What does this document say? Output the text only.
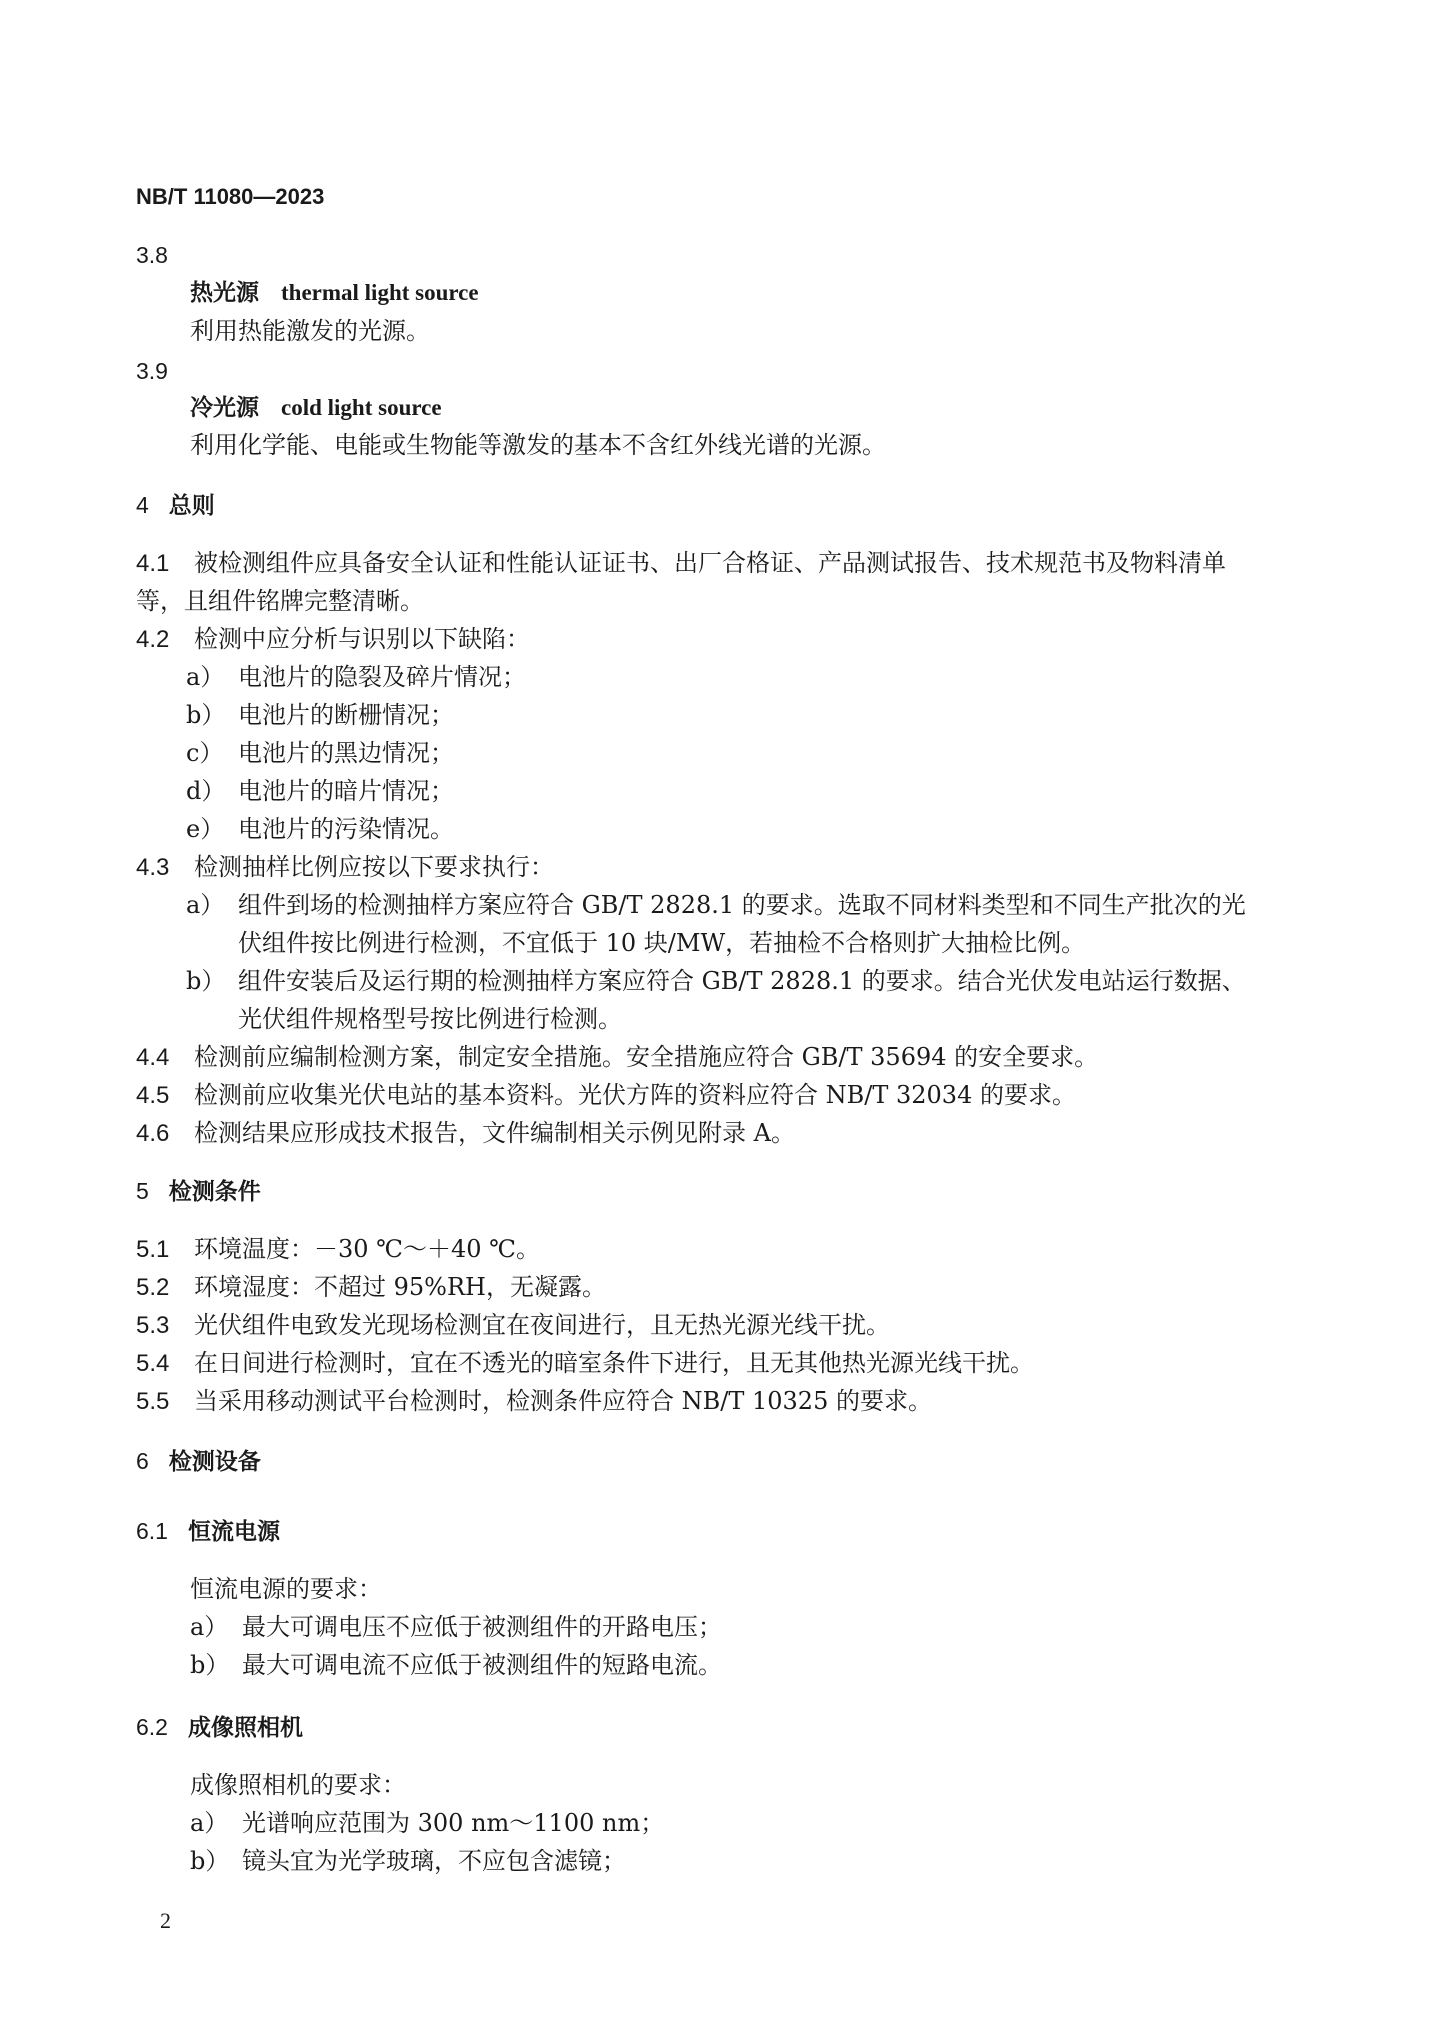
NB/T 11080—2023
3.8
热光源 thermal light source
利用热能激发的光源。
3.9
冷光源 cold light source
利用化学能、电能或生物能等激发的基本不含红外线光谱的光源。
4 总则
4.1 被检测组件应具备安全认证和性能认证证书、出厂合格证、产品测试报告、技术规范书及物料清单
等，且组件铭牌完整清晰。
4.2 检测中应分析与识别以下缺陷：
a） 电池片的隐裂及碎片情况；
b） 电池片的断栅情况；
c） 电池片的黑边情况；
d） 电池片的暗片情况；
e） 电池片的污染情况。
4.3 检测抽样比例应按以下要求执行：
a） 组件到场的检测抽样方案应符合 GB/T 2828.1 的要求。选取不同材料类型和不同生产批次的光
伏组件按比例进行检测，不宜低于 10 块/MW，若抽检不合格则扩大抽检比例。
b） 组件安装后及运行期的检测抽样方案应符合 GB/T 2828.1 的要求。结合光伏发电站运行数据、
光伏组件规格型号按比例进行检测。
4.4 检测前应编制检测方案，制定安全措施。安全措施应符合 GB/T 35694 的安全要求。
4.5 检测前应收集光伏电站的基本资料。光伏方阵的资料应符合 NB/T 32034 的要求。
4.6 检测结果应形成技术报告，文件编制相关示例见附录 A。
5 检测条件
5.1 环境温度：－30 ℃～＋40 ℃。
5.2 环境湿度：不超过 95%RH，无凝露。
5.3 光伏组件电致发光现场检测宜在夜间进行，且无热光源光线干扰。
5.4 在日间进行检测时，宜在不透光的暗室条件下进行，且无其他热光源光线干扰。
5.5 当采用移动测试平台检测时，检测条件应符合 NB/T 10325 的要求。
6 检测设备
6.1 恒流电源
恒流电源的要求：
a） 最大可调电压不应低于被测组件的开路电压；
b） 最大可调电流不应低于被测组件的短路电流。
6.2 成像照相机
成像照相机的要求：
a） 光谱响应范围为 300 nm～1100 nm；
b） 镜头宜为光学玻璃，不应包含滤镜；
2
